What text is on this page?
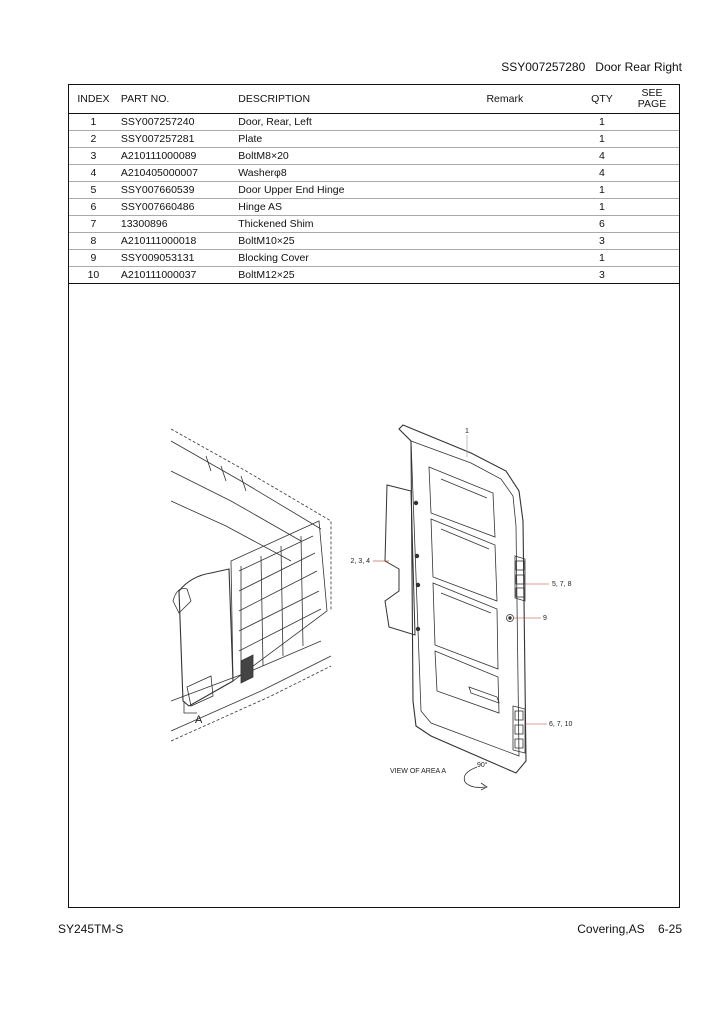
SSY007257280 Door Rear Right
INDEX	PART NO.	DESCRIPTION	Remark	QTY	SEE
PAGE
1	SSY007257240	Door, Rear, Left		1	
2	SSY007257281	Plate		1	
3	A210111000089	BoltM8×20		4	
4	A210405000007	Washerφ8		4	
5	SSY007660539	Door Upper End Hinge		1	
6	SSY007660486	Hinge AS		1	
7	13300896	Thickened Shim		6	
8	A210111000018	BoltM10×25		3	
9	SSY009053131	Blocking Cover		1	
10	A210111000037	BoltM12×25		3	
1
2, 3, 4
5, 7, 8
9
6, 7, 10
A
VIEW OF AREA A
90°
SY245TM-S	Covering,AS 6-25
